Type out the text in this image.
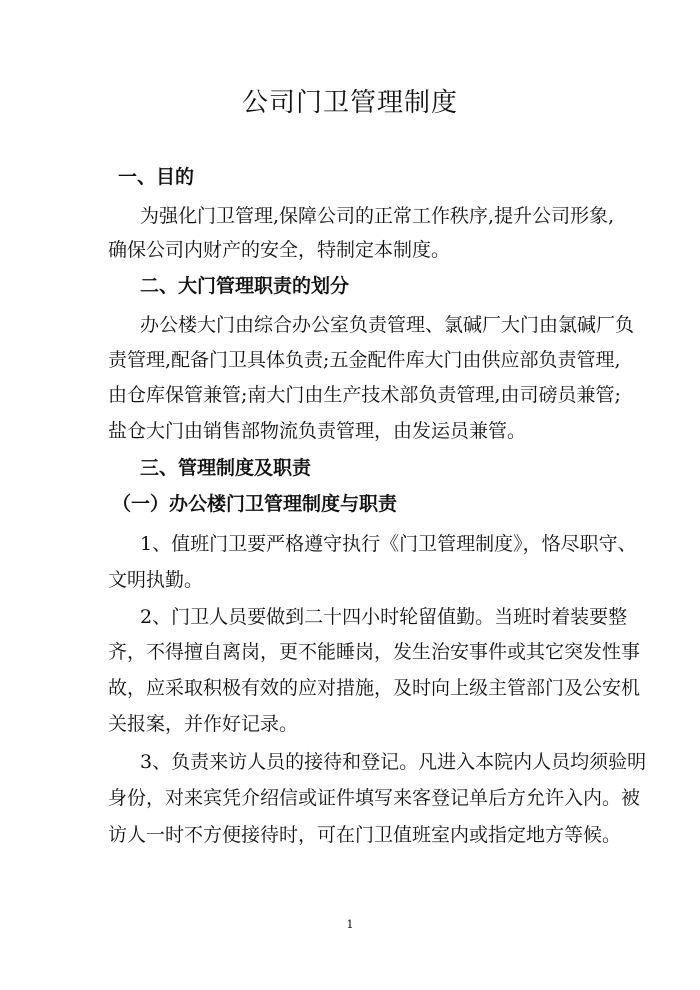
公司门卫管理制度
一、目的
为强化门卫管理,保障公司的正常工作秩序,提升公司形象,
确保公司内财产的安全，特制定本制度。
二、大门管理职责的划分
办公楼大门由综合办公室负责管理、氯碱厂大门由氯碱厂负
责管理,配备门卫具体负责;五金配件库大门由供应部负责管理,
由仓库保管兼管;南大门由生产技术部负责管理,由司磅员兼管;
盐仓大门由销售部物流负责管理，由发运员兼管。
三、管理制度及职责
（一）办公楼门卫管理制度与职责
1、值班门卫要严格遵守执行《门卫管理制度》，恪尽职守、
文明执勤。
2、门卫人员要做到二十四小时轮留值勤。当班时着装要整
齐，不得擅自离岗，更不能睡岗，发生治安事件或其它突发性事
故，应采取积极有效的应对措施，及时向上级主管部门及公安机
关报案，并作好记录。
3、负责来访人员的接待和登记。凡进入本院内人员均须验明
身份，对来宾凭介绍信或证件填写来客登记单后方允许入内。被
访人一时不方便接待时，可在门卫值班室内或指定地方等候。
1
